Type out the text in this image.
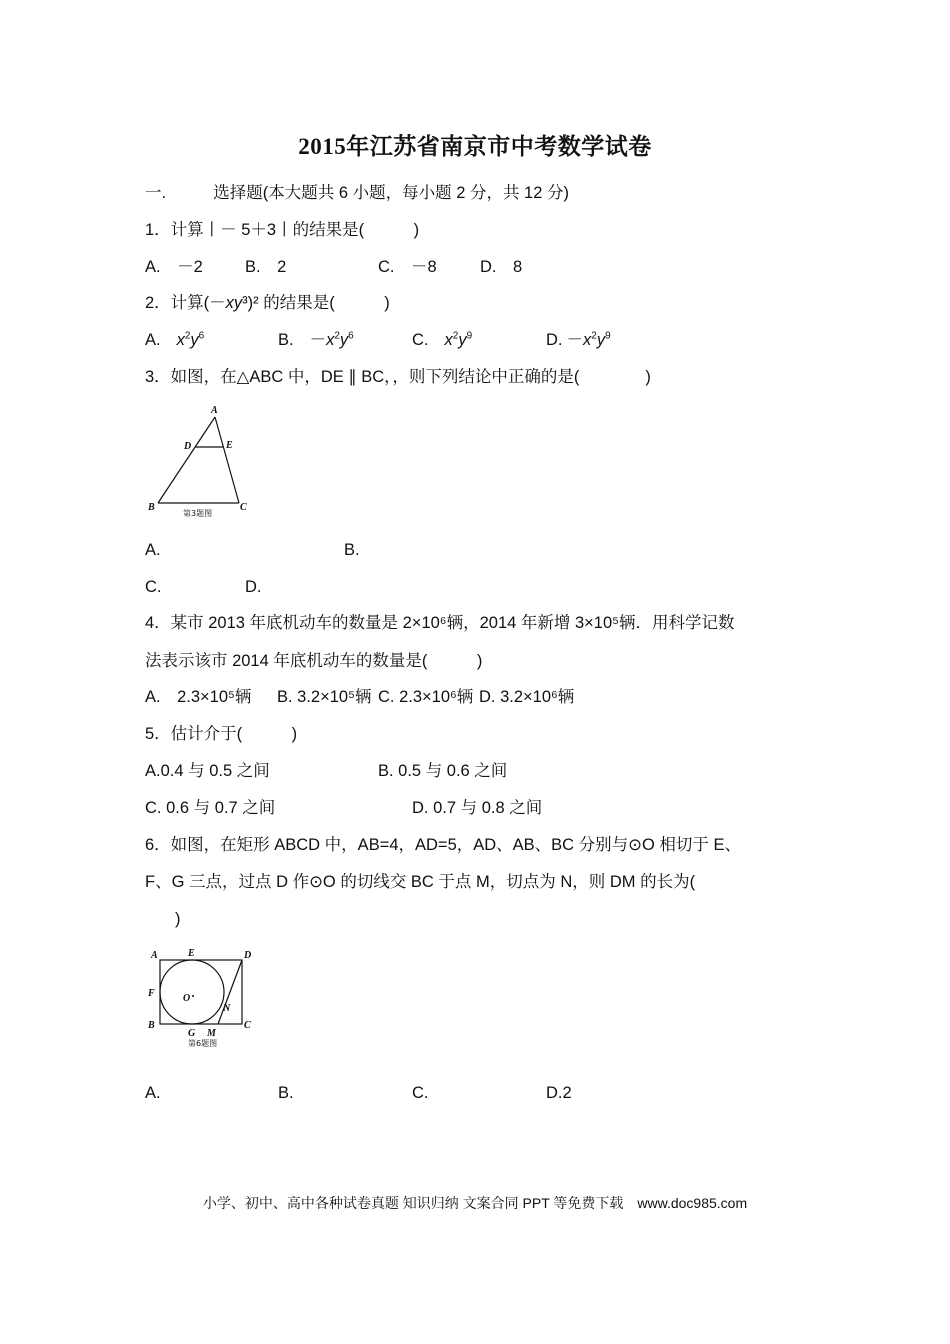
2015年江苏省南京市中考数学试卷
一.	选择题(本大题共 6 小题，每小题 2 分，共 12 分)
1．计算丨－ 5＋3丨的结果是(　　　)
A.　－2	B.　2	C.　－8	D.　8
2．计算(－xy³)² 的结果是(　　　)
A. $x^2y^6$	B. $-x^2y^6$	C. $x^2y^9$	D. $-x^2y^9$
3．如图，在△ABC 中，DE ∥ BC，，则下列结论中正确的是(　　　　)
A
D	E
B	C
第3题图
A.	B.
C.	D.
4．某市 2013 年底机动车的数量是 2×10⁶辆，2014 年新增 3×10⁵辆．用科学记数
法表示该市 2014 年底机动车的数量是(　　　)
A.　2.3×10⁵辆 B. 3.2×10⁵辆 C. 2.3×10⁶辆 D. 3.2×10⁶辆
5．估计介于(　　　)
A.0.4 与 0.5 之间	B. 0.5 与 0.6 之间
C. 0.6 与 0.7 之间	D. 0.7 与 0.8 之间
6．如图，在矩形 ABCD 中，AB=4，AD=5，AD、AB、BC 分别与⊙O 相切于 E、
F、G 三点，过点 D 作⊙O 的切线交 BC 于点 M，切点为 N，则 DM 的长为(
)
A	E	D
F	O
N
B
G M
C
第6题图
A.	B.	C.	D.2
小学、初中、高中各种试卷真题 知识归纳 文案合同 PPT 等免费下载　www.doc985.com
